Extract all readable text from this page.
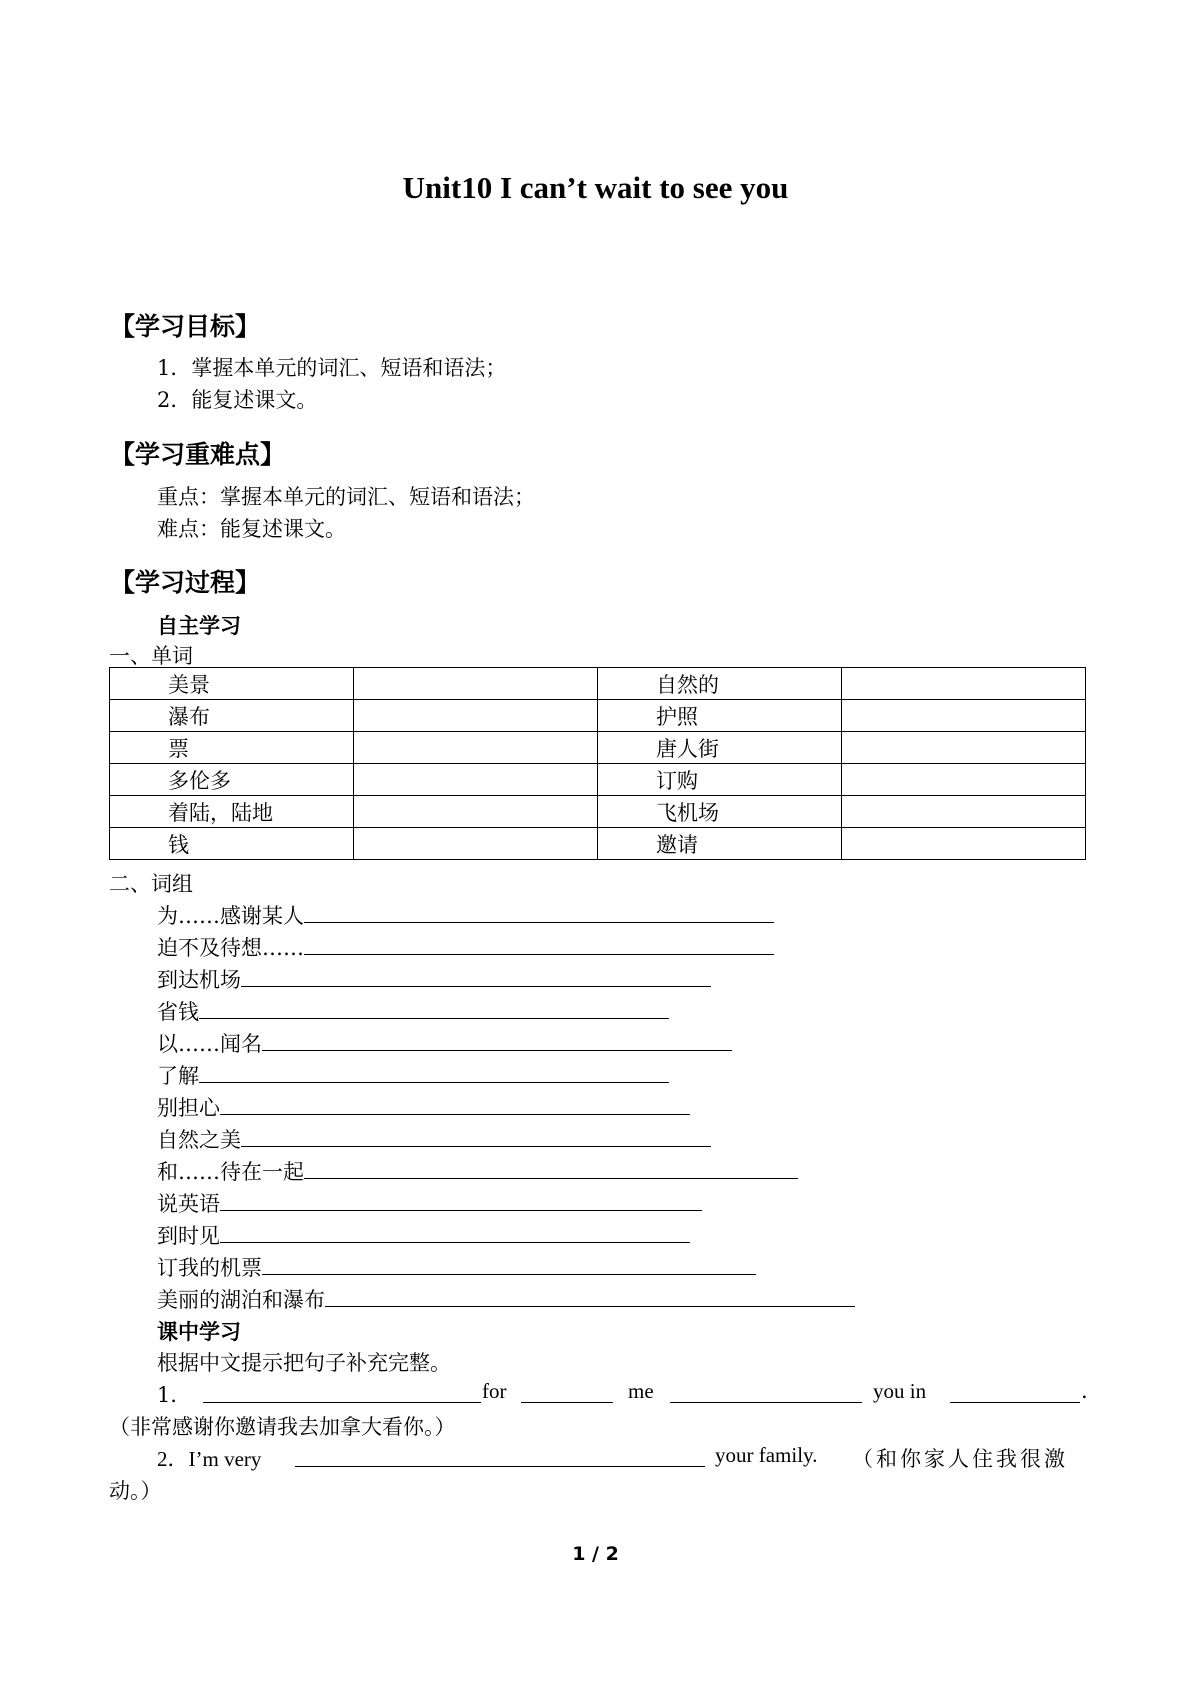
Unit10 I can’t wait to see you
【学习目标】
1．掌握本单元的词汇、短语和语法；
2．能复述课文。
【学习重难点】
重点：掌握本单元的词汇、短语和语法；
难点：能复述课文。
【学习过程】
自主学习
一、单词
美景		自然的	
瀑布		护照	
票		唐人街	
多伦多		订购	
着陆，陆地		飞机场	
钱		邀请	
二、词组
为……感谢某人
迫不及待想……
到达机场
省钱
以……闻名
了解
别担心
自然之美
和……待在一起
说英语
到时见
订我的机票
美丽的湖泊和瀑布
课中学习
根据中文提示把句子补充完整。
1．	for	me	you in	.
（非常感谢你邀请我去加拿大看你。）
2．I’m very	your family. （和你家人住我很激
动。）
1 / 2
